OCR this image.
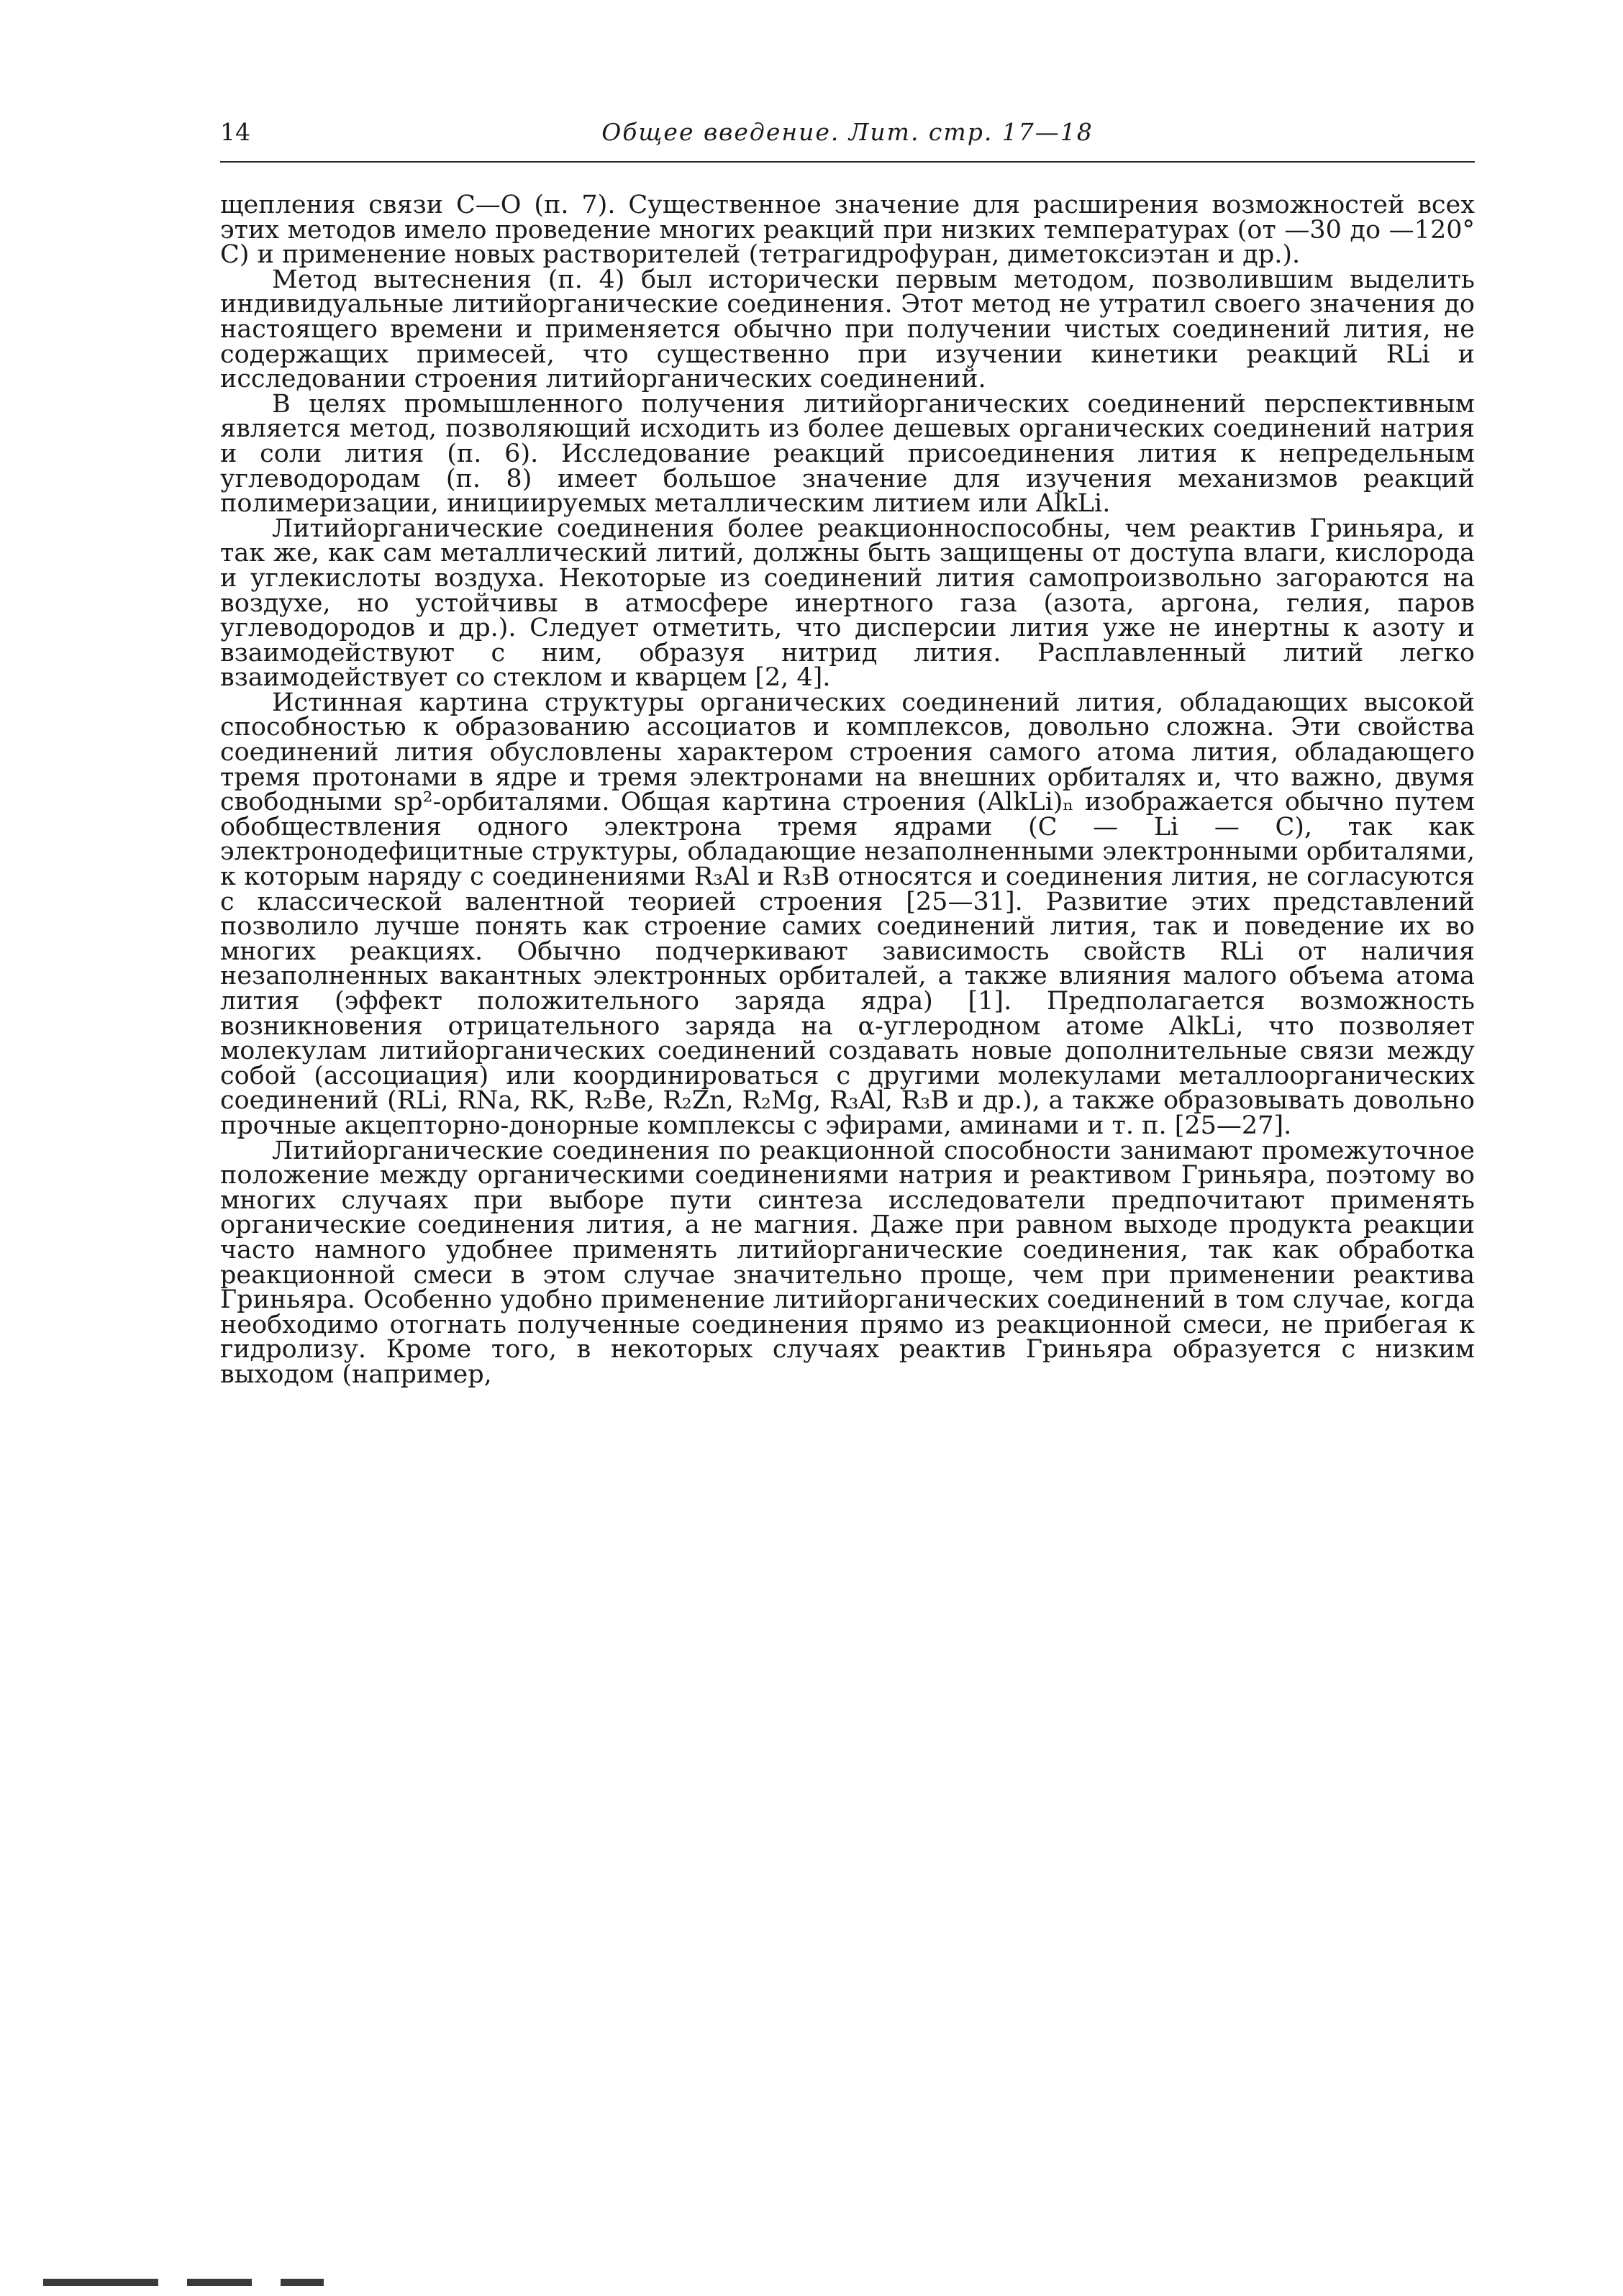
14	Общее введение. Лит. стр. 17—18

щепления связи С—О (п. 7). Существенное значение для расширения возможностей всех этих методов имело проведение многих реакций при низких температурах (от —30 до —120° С) и применение новых растворителей (тетрагидрофуран, диметоксиэтан и др.).

Метод вытеснения (п. 4) был исторически первым методом, позволившим выделить индивидуальные литийорганические соединения. Этот метод не утратил своего значения до настоящего времени и применяется обычно при получении чистых соединений лития, не содержащих примесей, что существенно при изучении кинетики реакций RLi и исследовании строения литийорганических соединений.

В целях промышленного получения литийорганических соединений перспективным является метод, позволяющий исходить из более дешевых органических соединений натрия и соли лития (п. 6). Исследование реакций присоединения лития к непредельным углеводородам (п. 8) имеет большое значение для изучения механизмов реакций полимеризации, инициируемых металлическим литием или AlkLi.

Литийорганические соединения более реакционноспособны, чем реактив Гриньяра, и так же, как сам металлический литий, должны быть защищены от доступа влаги, кислорода и углекислоты воздуха. Некоторые из соединений лития самопроизвольно загораются на воздухе, но устойчивы в атмосфере инертного газа (азота, аргона, гелия, паров углеводородов и др.). Следует отметить, что дисперсии лития уже не инертны к азоту и взаимодействуют с ним, образуя нитрид лития. Расплавленный литий легко взаимодействует со стеклом и кварцем [2, 4].

Истинная картина структуры органических соединений лития, обладающих высокой способностью к образованию ассоциатов и комплексов, довольно сложна. Эти свойства соединений лития обусловлены характером строения самого атома лития, обладающего тремя протонами в ядре и тремя электронами на внешних орбиталях и, что важно, двумя свободными sp²-орбиталями. Общая картина строения (AlkLi)ₙ изображается обычно путем обобществления одного электрона тремя ядрами (С — Li — С), так как электронодефицитные структуры, обладающие незаполненными электронными орбиталями, к которым наряду с соединениями R₃Al и R₃B относятся и соединения лития, не согласуются с классической валентной теорией строения [25—31]. Развитие этих представлений позволило лучше понять как строение самих соединений лития, так и поведение их во многих реакциях. Обычно подчеркивают зависимость свойств RLi от наличия незаполненных вакантных электронных орбиталей, а также влияния малого объема атома лития (эффект положительного заряда ядра) [1]. Предполагается возможность возникновения отрицательного заряда на α-углеродном атоме AlkLi, что позволяет молекулам литийорганических соединений создавать новые дополнительные связи между собой (ассоциация) или координироваться с другими молекулами металлоорганических соединений (RLi, RNa, RK, R₂Be, R₂Zn, R₂Mg, R₃Al, R₃B и др.), а также образовывать довольно прочные акцепторно-донорные комплексы с эфирами, аминами и т. п. [25—27].

Литийорганические соединения по реакционной способности занимают промежуточное положение между органическими соединениями натрия и реактивом Гриньяра, поэтому во многих случаях при выборе пути синтеза исследователи предпочитают применять органические соединения лития, а не магния. Даже при равном выходе продукта реакции часто намного удобнее применять литийорганические соединения, так как обработка реакционной смеси в этом случае значительно проще, чем при применении реактива Гриньяра. Особенно удобно применение литийорганических соединений в том случае, когда необходимо отогнать полученные соединения прямо из реакционной смеси, не прибегая к гидролизу. Кроме того, в некоторых случаях реактив Гриньяра образуется с низким выходом (например,
